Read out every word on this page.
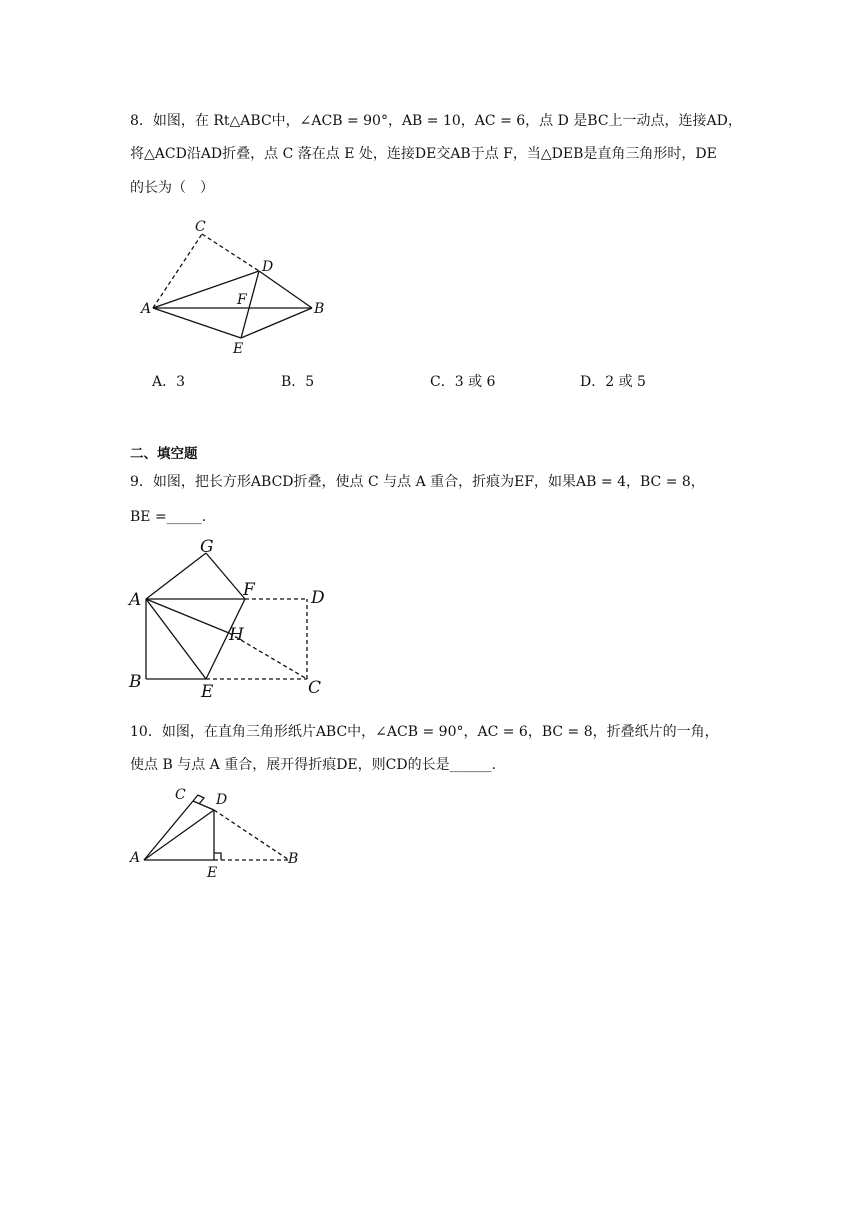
8．如图，在 Rt△ABC中，∠ACB = 90°，AB = 10，AC = 6，点 D 是BC上一动点，连接AD，
将△ACD沿AD折叠，点 C 落在点 E 处，连接DE交AB于点 F，当△DEB是直角三角形时，DE
的长为（　）
C
D
A
F
B
E
A．3	B．5	C．3 或 6	D．2 或 5
二、填空题
9．如图，把长方形ABCD折叠，使点 C 与点 A 重合，折痕为EF，如果AB = 4，BC = 8，
BE =_____.
G
A	F	D
H
B	E	C
10．如图，在直角三角形纸片ABC中，∠ACB = 90°，AC = 6，BC = 8，折叠纸片的一角，
使点 B 与点 A 重合，展开得折痕DE，则CD的长是______.
C D
A
E
B
